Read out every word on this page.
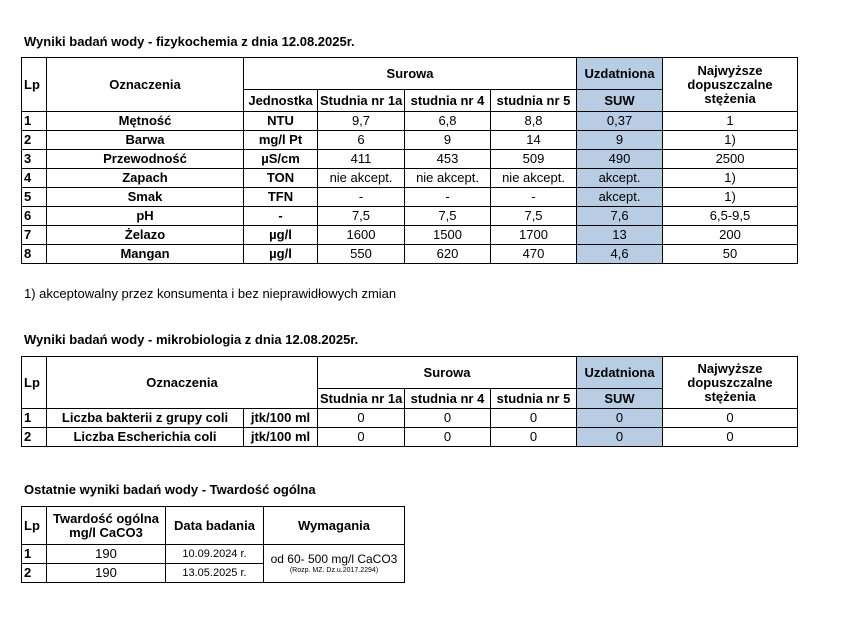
Wyniki badań wody - fizykochemia z dnia 12.08.2025r.
Lp	Oznaczenia	Surowa				Uzdatniona	Najwyższe dopuszczalne stężenia
		Jednostka	Studnia nr 1a	studnia nr 4	studnia nr 5	SUW	
1	Mętność	NTU	9,7	6,8	8,8	0,37	1
2	Barwa	mg/l Pt	6	9	14	9	1)
3	Przewodność	µS/cm	411	453	509	490	2500
4	Zapach	TON	nie akcept.	nie akcept.	nie akcept.	akcept.	1)
5	Smak	TFN	-	-	-	akcept.	1)
6	pH	-	7,5	7,5	7,5	7,6	6,5-9,5
7	Żelazo	µg/l	1600	1500	1700	13	200
8	Mangan	µg/l	550	620	470	4,6	50
1) akceptowalny przez konsumenta i bez nieprawidłowych zmian
Wyniki badań wody - mikrobiologia z dnia 12.08.2025r.
Lp	Oznaczenia		Surowa			Uzdatniona	Najwyższe dopuszczalne stężenia
			Studnia nr 1a	studnia nr 4	studnia nr 5	SUW	
1	Liczba bakterii z grupy coli	jtk/100 ml	0	0	0	0	0
2	Liczba Escherichia coli	jtk/100 ml	0	0	0	0	0
Ostatnie wyniki badań wody - Twardość ogólna
Lp	Twardość ogólna mg/l CaCO3	Data badania	Wymagania
1	190	10.09.2024 r.	od 60- 500 mg/l CaCO3
(Rozp. MZ. Dz.u.2017.2294)

2	190	13.05.2025 r.	
